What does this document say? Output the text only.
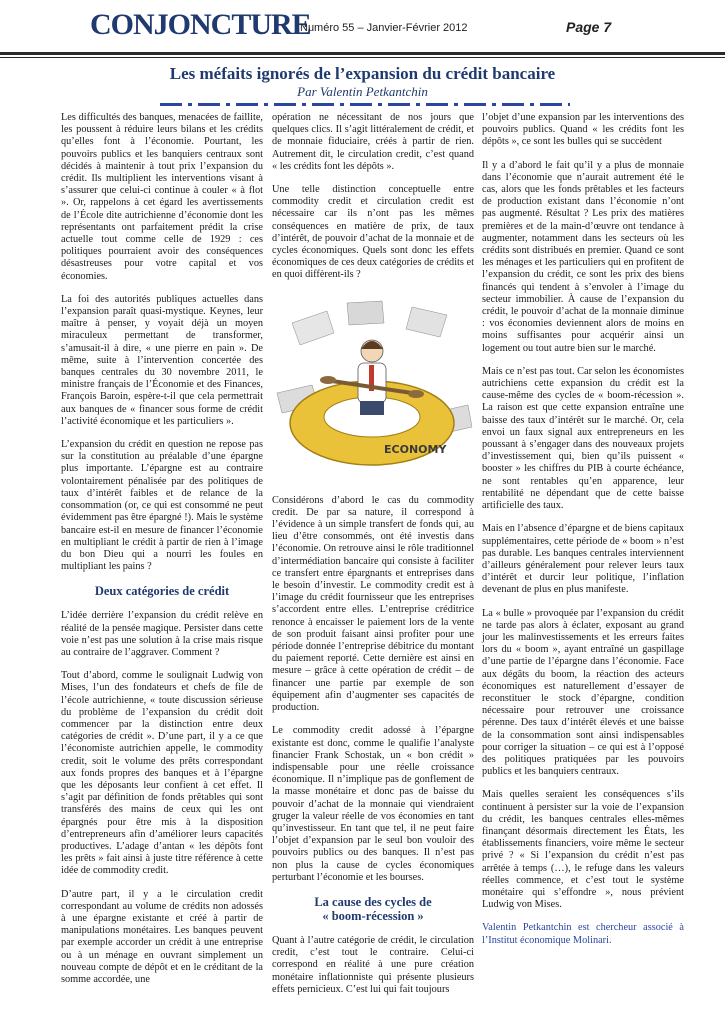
CONJONCTURE
Numéro 55 – Janvier-Février 2012	Page 7
Les méfaits ignorés de l’expansion du crédit bancaire
Par Valentin Petkantchin

Les difficultés des banques, menacées de faillite, les poussent à réduire leurs bilans et les crédits qu’elles font à l’économie. Pourtant, les pouvoirs publics et les banquiers centraux sont décidés à maintenir à tout prix l’expansion du crédit. Ils multiplient les interventions visant à s’assurer que celui-ci continue à couler « à flot ». Or, rappelons à cet égard les avertissements de l’École dite autrichienne d’économie dont les représentants ont parfaitement prédit la crise actuelle tout comme celle de 1929 : ces politiques pourraient avoir des conséquences désastreuses pour votre capital et vos économies.

La foi des autorités publiques actuelles dans l’expansion paraît quasi-mystique. Keynes, leur maître à penser, y voyait déjà un moyen miraculeux permettant de transformer, s’amusait-il à dire, « une pierre en pain ». De même, suite à l’intervention concertée des banques centrales du 30 novembre 2011, le ministre français de l’Économie et des Finances, François Baroin, espère-t-il que cela permettrait aux banques de « financer sous forme de crédit l’activité économique et les particuliers ».

L’expansion du crédit en question ne repose pas sur la constitution au préalable d’une épargne plus importante. L’épargne est au contraire volontairement pénalisée par des politiques de taux d’intérêt faibles et de relance de la consommation (or, ce qui est consommé ne peut évidemment pas être épargné !). Mais le système bancaire est-il en mesure de financer l’économie en multipliant le crédit à partir de rien à l’image du bon Dieu qui a nourri les foules en multipliant les pains ?

Deux catégories de crédit

L’idée derrière l’expansion du crédit relève en réalité de la pensée magique. Persister dans cette voie n’est pas une solution à la crise mais risque au contraire de l’aggraver. Comment ?

Tout d’abord, comme le soulignait Ludwig von Mises, l’un des fondateurs et chefs de file de l’école autrichienne, « toute discussion sérieuse du problème de l’expansion du crédit doit commencer par la distinction entre deux catégories de crédit ». D’une part, il y a ce que l’économiste autrichien appelle, le commodity credit, soit le volume des prêts correspondant aux fonds propres des banques et à l’épargne que les déposants leur confient à cet effet. Il s’agit par définition de fonds prêtables qui sont transférés des mains de ceux qui les ont épargnés pour être mis à la disposition d’entrepreneurs afin d’améliorer leurs capacités productives. L’adage d’antan « les dépôts font les prêts » fait ainsi à juste titre référence à cette idée de commodity credit.

D’autre part, il y a le circulation credit correspondant au volume de crédits non adossés à une épargne existante et créé à partir de manipulations monétaires. Les banques peuvent par exemple accorder un crédit à une entreprise ou à un ménage en ouvrant simplement un nouveau compte de dépôt et en le créditant de la somme accordée, une

opération ne nécessitant de nos jours que quelques clics. Il s’agit littéralement de crédit, et de monnaie fiduciaire, créés à partir de rien. Autrement dit, le circulation credit, c’est quand « les crédits font les dépôts ».

Une telle distinction conceptuelle entre commodity credit et circulation credit est nécessaire car ils n’ont pas les mêmes conséquences en matière de prix, de taux d’intérêt, de pouvoir d’achat de la monnaie et de cycles économiques. Quels sont donc les effets économiques de ces deux catégories de crédits et en quoi diffèrent-ils ?

ECONOMY

Considérons d’abord le cas du commodity credit. De par sa nature, il correspond à l’évidence à un simple transfert de fonds qui, au lieu d’être consommés, ont été investis dans l’économie. On retrouve ainsi le rôle traditionnel d’intermédiation bancaire qui consiste à faciliter ce transfert entre épargnants et entreprises dans le besoin d’investir. Le commodity credit est à l’image du crédit fournisseur que les entreprises s’accordent entre elles. L’entreprise créditrice renonce à encaisser le paiement lors de la vente de son produit faisant ainsi profiter pour une période donnée l’entreprise débitrice du montant du paiement reporté. Cette dernière est ainsi en mesure – grâce à cette opération de crédit – de financer une partie par exemple de son équipement afin d’augmenter ses capacités de production.

Le commodity credit adossé à l’épargne existante est donc, comme le qualifie l’analyste financier Frank Schostak, un « bon crédit » indispensable pour une réelle croissance économique. Il n’implique pas de gonflement de la masse monétaire et donc pas de baisse du pouvoir d’achat de la monnaie qui viendraient gruger la valeur réelle de vos économies en tant qu’investisseur. En tant que tel, il ne peut faire l’objet d’expansion par le seul bon vouloir des pouvoirs publics ou des banques. Il n’est pas non plus la cause de cycles économiques perturbant l’économie et les bourses.

La cause des cycles de
« boom-récession »

Quant à l’autre catégorie de crédit, le circulation credit, c’est tout le contraire. Celui-ci correspond en réalité à une pure création monétaire inflationniste qui présente plusieurs effets pernicieux. C’est lui qui fait toujours

l’objet d’une expansion par les interventions des pouvoirs publics. Quand « les crédits font les dépôts », ce sont les bulles qui se succèdent

Il y a d’abord le fait qu’il y a plus de monnaie dans l’économie que n’aurait autrement été le cas, alors que les fonds prêtables et les facteurs de production existant dans l’économie n’ont pas augmenté. Résultat ? Les prix des matières premières et de la main-d’œuvre ont tendance à augmenter, notamment dans les secteurs où les crédits sont distribués en premier. Quand ce sont les ménages et les particuliers qui en profitent de l’expansion du crédit, ce sont les prix des biens financés qui tendent à s’envoler à l’image du secteur immobilier. À cause de l’expansion du crédit, le pouvoir d’achat de la monnaie diminue : vos économies deviennent alors de moins en moins suffisantes pour acquérir ainsi un logement ou tout autre bien sur le marché.

Mais ce n’est pas tout. Car selon les économistes autrichiens cette expansion du crédit est la cause-même des cycles de « boom-récession ». La raison est que cette expansion entraîne une baisse des taux d’intérêt sur le marché. Or, cela envoi un faux signal aux entrepreneurs en les poussant à s’engager dans des nouveaux projets d’investissement qui, bien qu’ils puissent « booster » les chiffres du PIB à courte échéance, ne sont rentables qu’en apparence, leur rentabilité ne dépendant que de cette baisse artificielle des taux.

Mais en l’absence d’épargne et de biens capitaux supplémentaires, cette période de « boom » n’est pas durable. Les banques centrales interviennent d’ailleurs généralement pour relever leurs taux d’intérêt et durcir leur politique, l’inflation devenant de plus en plus manifeste.

La « bulle » provoquée par l’expansion du crédit ne tarde pas alors à éclater, exposant au grand jour les malinvestissements et les erreurs faites lors du « boom », ayant entraîné un gaspillage d’une partie de l’épargne dans l’économie. Face aux dégâts du boom, la réaction des acteurs économiques est naturellement d’essayer de reconstituer le stock d’épargne, condition nécessaire pour retrouver une croissance pérenne. Des taux d’intérêt élevés et une baisse de la consommation sont ainsi indispensables pour corriger la situation – ce qui est à l’opposé des politiques pratiquées par les pouvoirs publics et les banquiers centraux.

Mais quelles seraient les conséquences s’ils continuent à persister sur la voie de l’expansion du crédit, les banques centrales elles-mêmes finançant désormais directement les États, les établissements financiers, voire même le secteur privé ? « Si l’expansion du crédit n’est pas arrêtée à temps (…), le refuge dans les valeurs réelles commence, et c’est tout le système monétaire qui s’effondre », nous prévient Ludwig von Mises.

Valentin Petkantchin est chercheur associé à l’Institut économique Molinari.
